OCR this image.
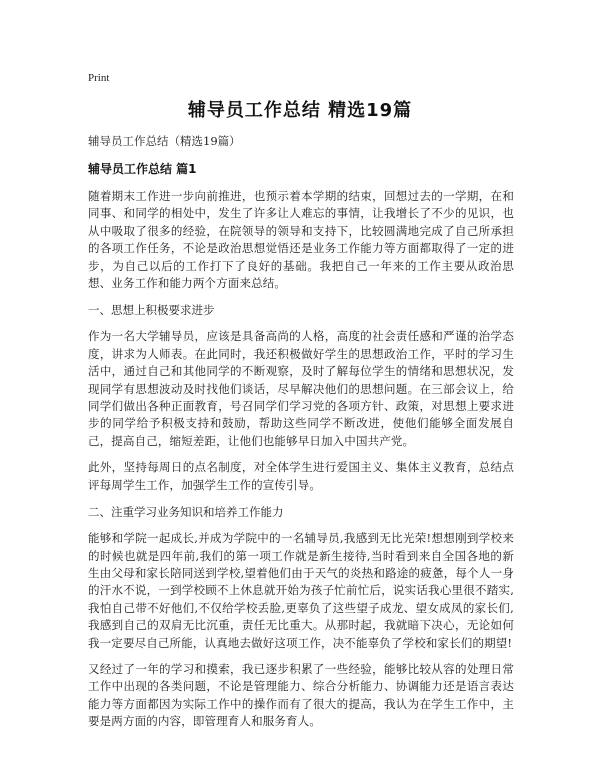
Print
辅导员工作总结 精选19篇

辅导员工作总结（精选19篇）

辅导员工作总结 篇1

随着期末工作进一步向前推进，也预示着本学期的结束，回想过去的一学期，在和同事、和同学的相处中，发生了许多让人难忘的事情，让我增长了不少的见识，也从中吸取了很多的经验，在院领导的领导和支持下，比较圆满地完成了自己所承担的各项工作任务，不论是政治思想觉悟还是业务工作能力等方面都取得了一定的进步，为自己以后的工作打下了良好的基础。我把自己一年来的工作主要从政治思想、业务工作和能力两个方面来总结。

一、思想上积极要求进步

作为一名大学辅导员，应该是具备高尚的人格，高度的社会责任感和严谨的治学态度，讲求为人师表。在此同时，我还积极做好学生的思想政治工作，平时的学习生活中，通过自己和其他同学的不断观察，及时了解每位学生的情绪和思想状况，发现同学有思想波动及时找他们谈话，尽早解决他们的思想问题。在三部会议上，给同学们做出各种正面教育，号召同学们学习党的各项方针、政策，对思想上要求进步的同学给予积极支持和鼓励，帮助这些同学不断改进，使他们能够全面发展自己，提高自己，缩短差距，让他们也能够早日加入中国共产党。

此外，坚持每周日的点名制度，对全体学生进行爱国主义、集体主义教育，总结点评每周学生工作，加强学生工作的宣传引导。

二、注重学习业务知识和培养工作能力

能够和学院一起成长,并成为学院中的一名辅导员,我感到无比光荣!想想刚到学校来的时候也就是四年前,我们的第一项工作就是新生接待,当时看到来自全国各地的新生由父母和家长陪同送到学校,望着他们由于天气的炎热和路途的疲惫，每个人一身的汗水不说，一到学校顾不上休息就开始为孩子忙前忙后，说实话我心里很不踏实,我怕自己带不好他们,不仅给学校丢脸,更辜负了这些望子成龙、望女成凤的家长们,我感到自己的双肩无比沉重，责任无比重大。从那时起，我就暗下决心，无论如何我一定要尽自己所能，认真地去做好这项工作，决不能辜负了学校和家长们的期望!

又经过了一年的学习和摸索，我已逐步积累了一些经验，能够比较从容的处理日常工作中出现的各类问题，不论是管理能力、综合分析能力、协调能力还是语言表达能力等方面都因为实际工作中的操作而有了很大的提高，我认为在学生工作中，主要是两方面的内容，即管理育人和服务育人。
